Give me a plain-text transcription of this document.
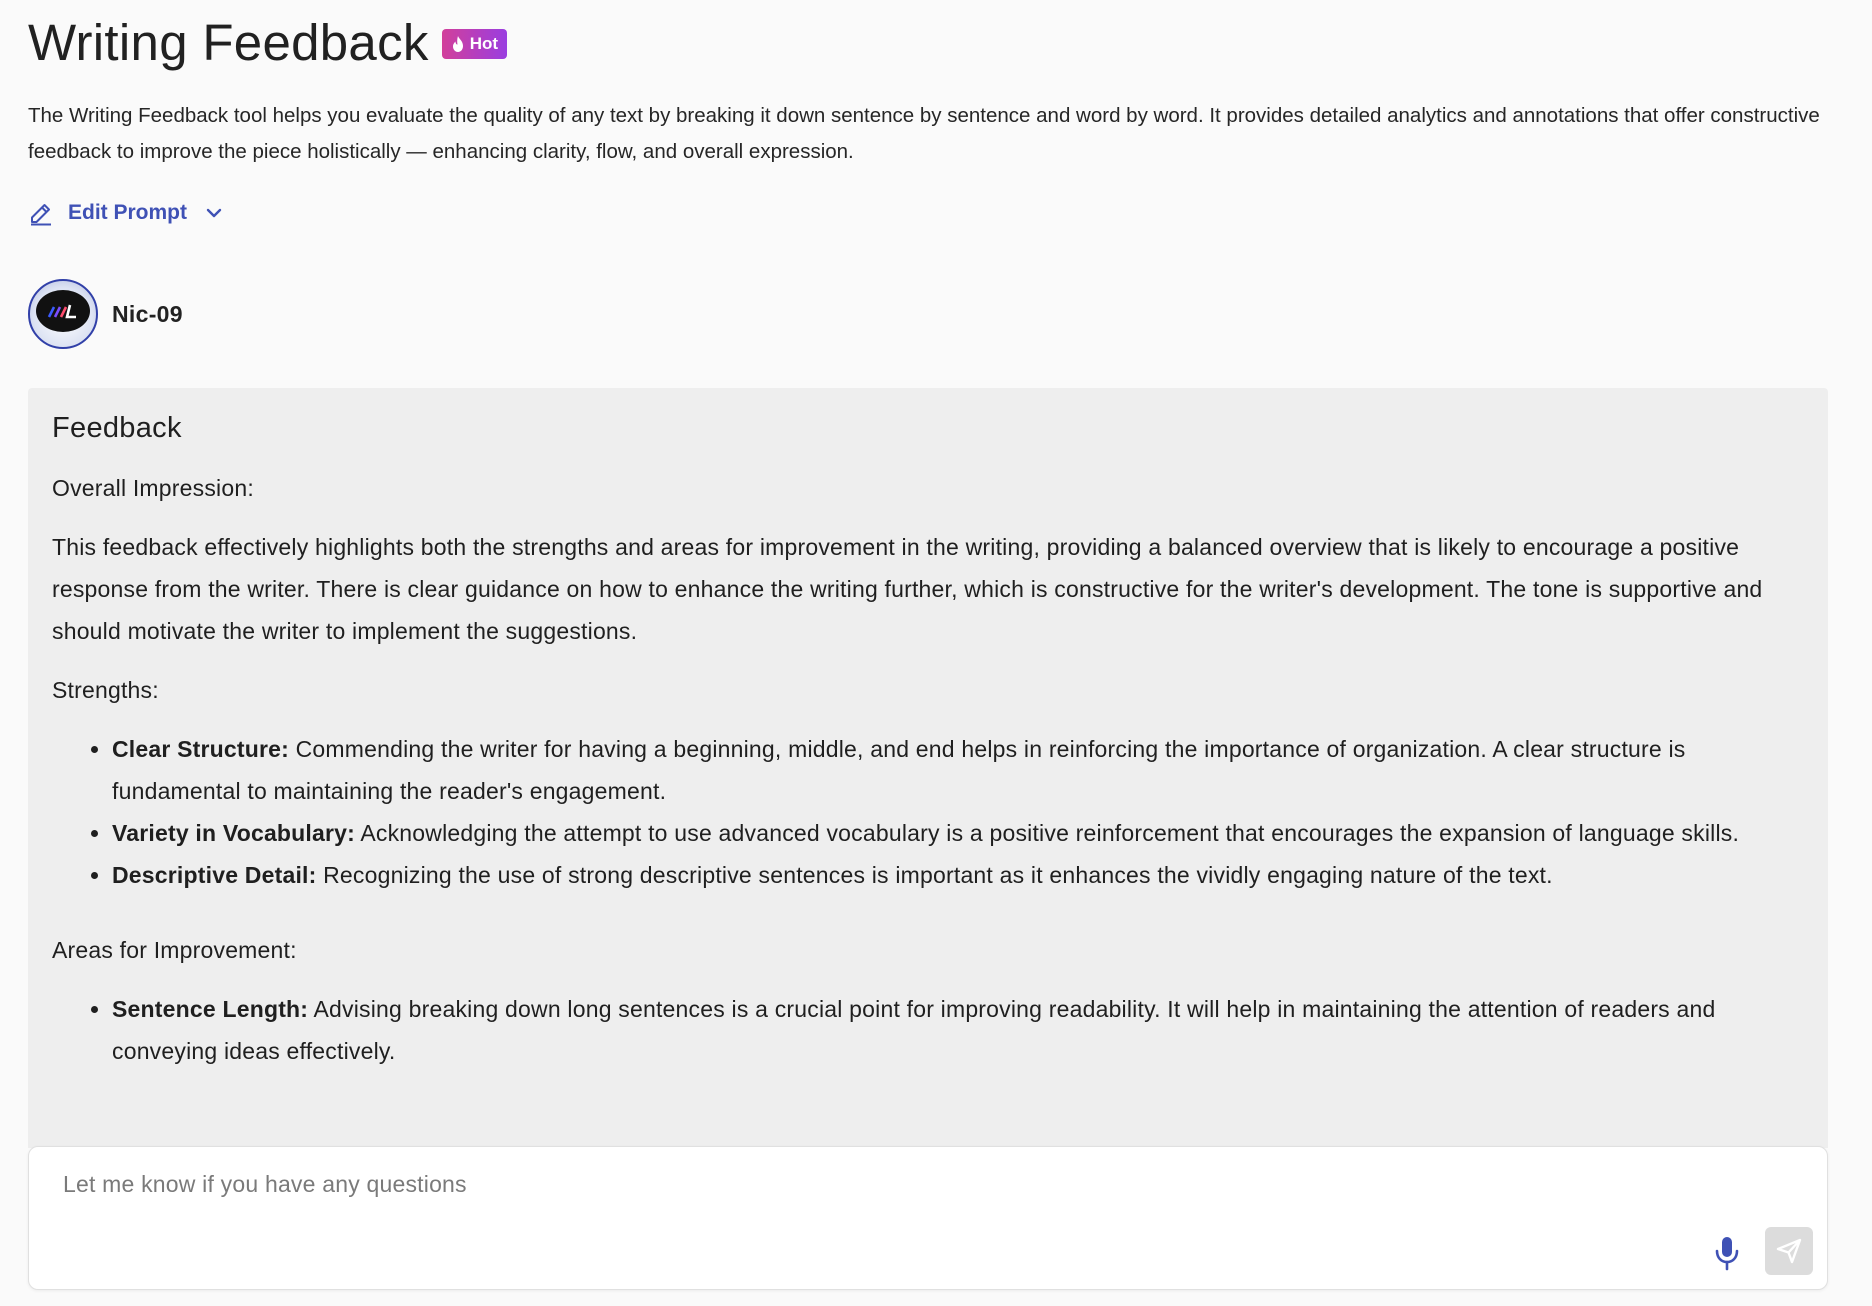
Writing Feedback Hot
The Writing Feedback tool helps you evaluate the quality of any text by breaking it down sentence by sentence and word by word. It provides detailed analytics and annotations that offer constructive feedback to improve the piece holistically — enhancing clarity, flow, and overall expression.
Edit Prompt
Nic-09
Feedback
Overall Impression:
This feedback effectively highlights both the strengths and areas for improvement in the writing, providing a balanced overview that is likely to encourage a positive response from the writer. There is clear guidance on how to enhance the writing further, which is constructive for the writer's development. The tone is supportive and should motivate the writer to implement the suggestions.
Strengths:
• Clear Structure: Commending the writer for having a beginning, middle, and end helps in reinforcing the importance of organization. A clear structure is fundamental to maintaining the reader's engagement.
• Variety in Vocabulary: Acknowledging the attempt to use advanced vocabulary is a positive reinforcement that encourages the expansion of language skills.
• Descriptive Detail: Recognizing the use of strong descriptive sentences is important as it enhances the vividly engaging nature of the text.
Areas for Improvement:
• Sentence Length: Advising breaking down long sentences is a crucial point for improving readability. It will help in maintaining the attention of readers and conveying ideas effectively.
Let me know if you have any questions
